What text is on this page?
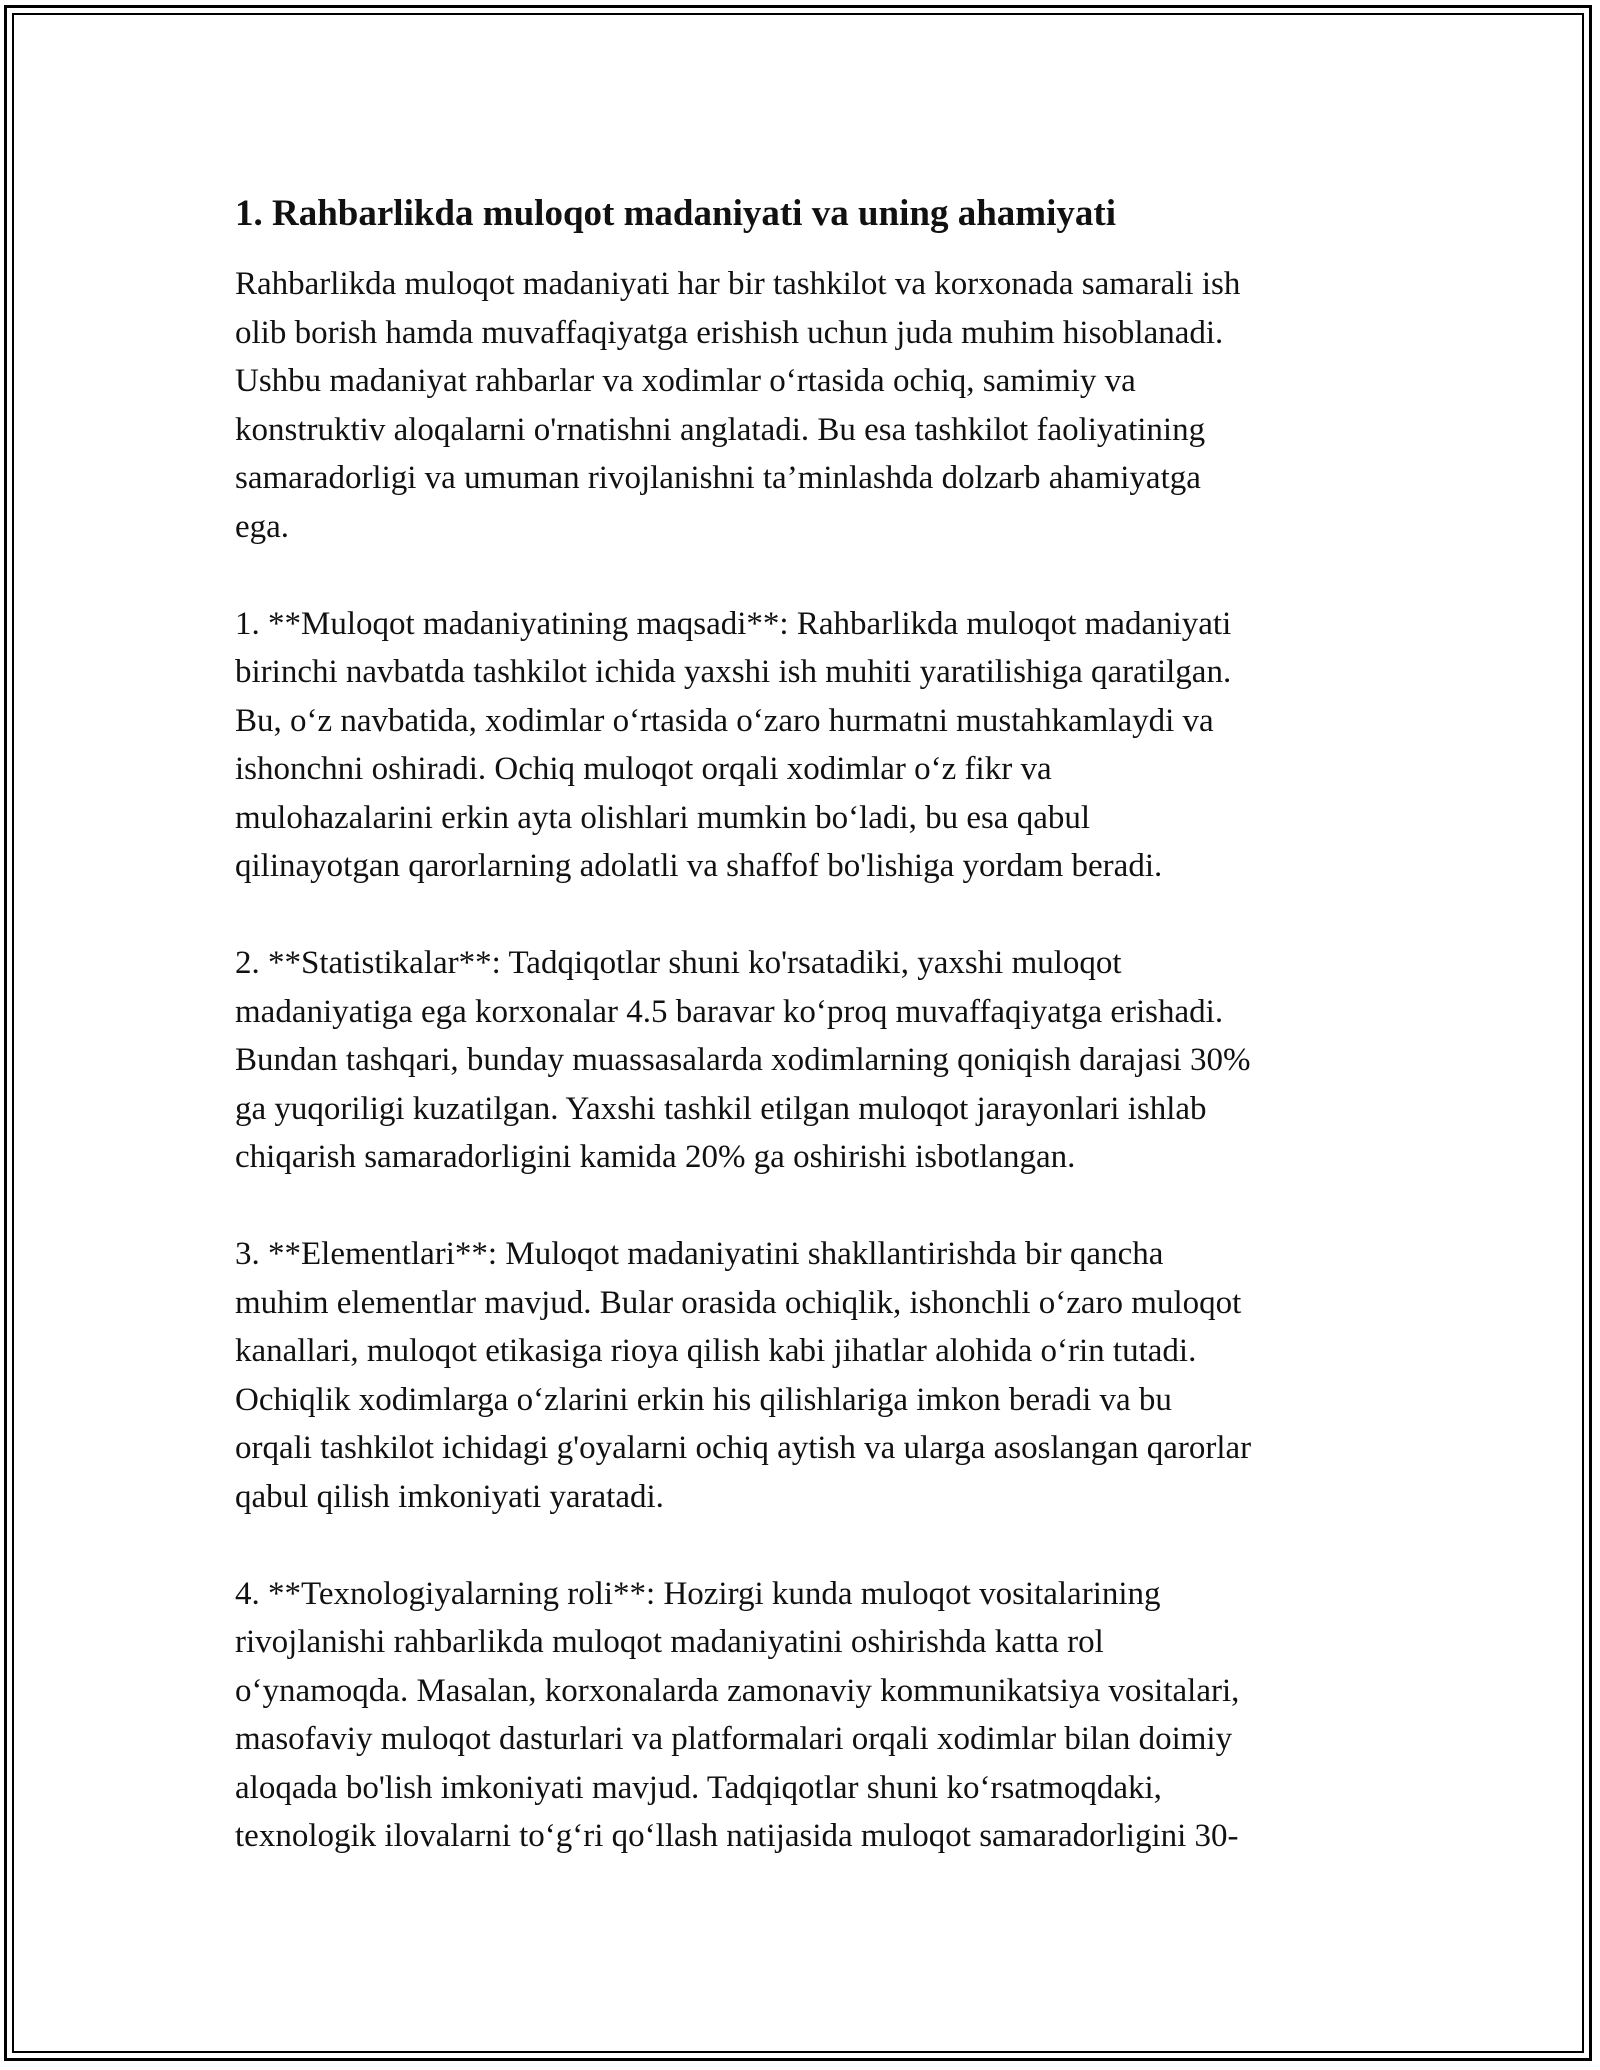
1. Rahbarlikda muloqot madaniyati va uning ahamiyati

Rahbarlikda muloqot madaniyati har bir tashkilot va korxonada samarali ish
olib borish hamda muvaffaqiyatga erishish uchun juda muhim hisoblanadi.
Ushbu madaniyat rahbarlar va xodimlar o‘rtasida ochiq, samimiy va
konstruktiv aloqalarni o'rnatishni anglatadi. Bu esa tashkilot faoliyatining
samaradorligi va umuman rivojlanishni ta’minlashda dolzarb ahamiyatga
ega.

1. **Muloqot madaniyatining maqsadi**: Rahbarlikda muloqot madaniyati
birinchi navbatda tashkilot ichida yaxshi ish muhiti yaratilishiga qaratilgan.
Bu, o‘z navbatida, xodimlar o‘rtasida o‘zaro hurmatni mustahkamlaydi va
ishonchni oshiradi. Ochiq muloqot orqali xodimlar o‘z fikr va
mulohazalarini erkin ayta olishlari mumkin bo‘ladi, bu esa qabul
qilinayotgan qarorlarning adolatli va shaffof bo'lishiga yordam beradi.

2. **Statistikalar**: Tadqiqotlar shuni ko'rsatadiki, yaxshi muloqot
madaniyatiga ega korxonalar 4.5 baravar ko‘proq muvaffaqiyatga erishadi.
Bundan tashqari, bunday muassasalarda xodimlarning qoniqish darajasi 30%
ga yuqoriligi kuzatilgan. Yaxshi tashkil etilgan muloqot jarayonlari ishlab
chiqarish samaradorligini kamida 20% ga oshirishi isbotlangan.

3. **Elementlari**: Muloqot madaniyatini shakllantirishda bir qancha
muhim elementlar mavjud. Bular orasida ochiqlik, ishonchli o‘zaro muloqot
kanallari, muloqot etikasiga rioya qilish kabi jihatlar alohida o‘rin tutadi.
Ochiqlik xodimlarga o‘zlarini erkin his qilishlariga imkon beradi va bu
orqali tashkilot ichidagi g'oyalarni ochiq aytish va ularga asoslangan qarorlar
qabul qilish imkoniyati yaratadi.

4. **Texnologiyalarning roli**: Hozirgi kunda muloqot vositalarining
rivojlanishi rahbarlikda muloqot madaniyatini oshirishda katta rol
o‘ynamoqda. Masalan, korxonalarda zamonaviy kommunikatsiya vositalari,
masofaviy muloqot dasturlari va platformalari orqali xodimlar bilan doimiy
aloqada bo'lish imkoniyati mavjud. Tadqiqotlar shuni ko‘rsatmoqdaki,
texnologik ilovalarni to‘g‘ri qo‘llash natijasida muloqot samaradorligini 30-
